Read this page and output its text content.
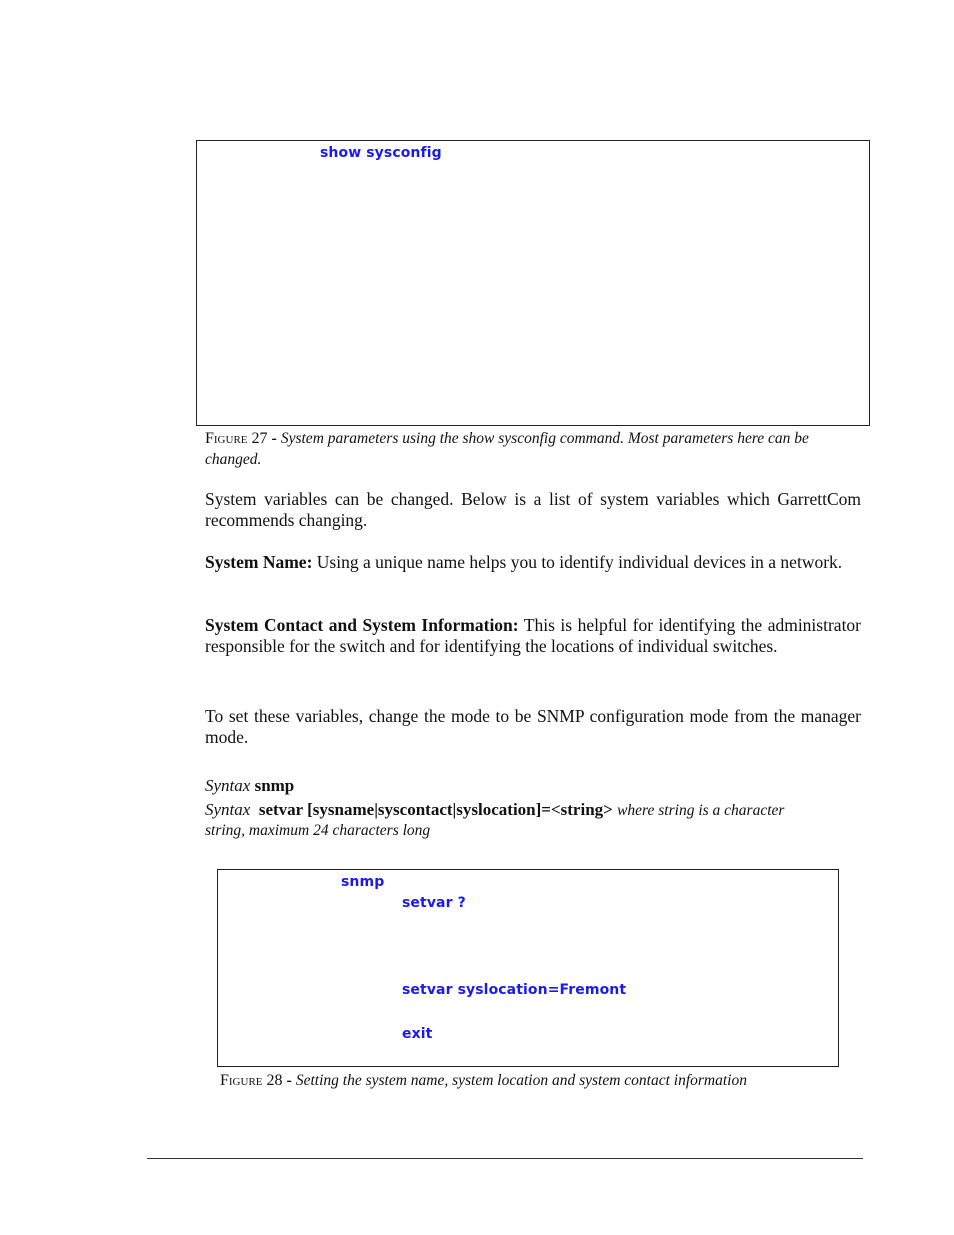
show sysconfig
Figure 27 - System parameters using the show sysconfig command. Most parameters here can be changed.

System variables can be changed. Below is a list of system variables which GarrettCom recommends changing.

System Name: Using a unique name helps you to identify individual devices in a network.

System Contact and System Information: This is helpful for identifying the administrator responsible for the switch and for identifying the locations of individual switches.

To set these variables, change the mode to be SNMP configuration mode from the manager mode.

Syntax snmp
Syntax setvar [sysname|syscontact|syslocation]=<string> where string is a character
string, maximum 24 characters long
snmp
setvar ?
setvar syslocation=Fremont
exit
Figure 28 - Setting the system name, system location and system contact information
